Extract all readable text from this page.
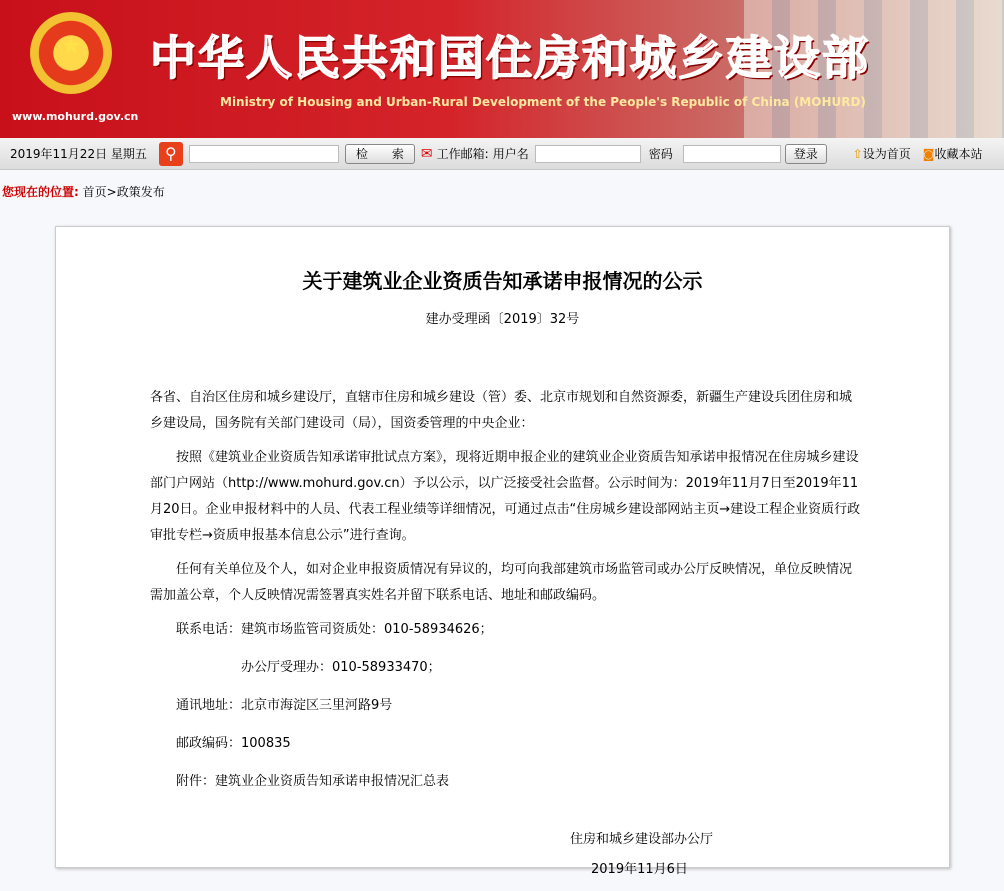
★
www.mohurd.gov.cn
中华人民共和国住房和城乡建设部
Ministry of Housing and Urban-Rural Development of the People's Republic of China (MOHURD)
2019年11月22日 星期五	⚲	检　　索	✉ 工作邮箱: 用户名	密码	登录	⇧ 设为首页 ◙ 收藏本站
您现在的位置: 首页>政策发布
关于建筑业企业资质告知承诺申报情况的公示
建办受理函〔2019〕32号

各省、自治区住房和城乡建设厅，直辖市住房和城乡建设（管）委、北京市规划和自然资源委，新疆生产建设兵团住房和城乡建设局，国务院有关部门建设司（局），国资委管理的中央企业：

按照《建筑业企业资质告知承诺审批试点方案》，现将近期申报企业的建筑业企业资质告知承诺申报情况在住房城乡建设部门户网站（http://www.mohurd.gov.cn）予以公示，以广泛接受社会监督。公示时间为：2019年11月7日至2019年11月20日。企业申报材料中的人员、代表工程业绩等详细情况，可通过点击“住房城乡建设部网站主页→建设工程企业资质行政审批专栏→资质申报基本信息公示”进行查询。

任何有关单位及个人，如对企业申报资质情况有异议的，均可向我部建筑市场监管司或办公厅反映情况，单位反映情况需加盖公章，个人反映情况需签署真实姓名并留下联系电话、地址和邮政编码。

联系电话：建筑市场监管司资质处：010-58934626；

办公厅受理办：010-58933470；

通讯地址：北京市海淀区三里河路9号

邮政编码：100835

附件：建筑业企业资质告知承诺申报情况汇总表

住房和城乡建设部办公厅

2019年11月6日
